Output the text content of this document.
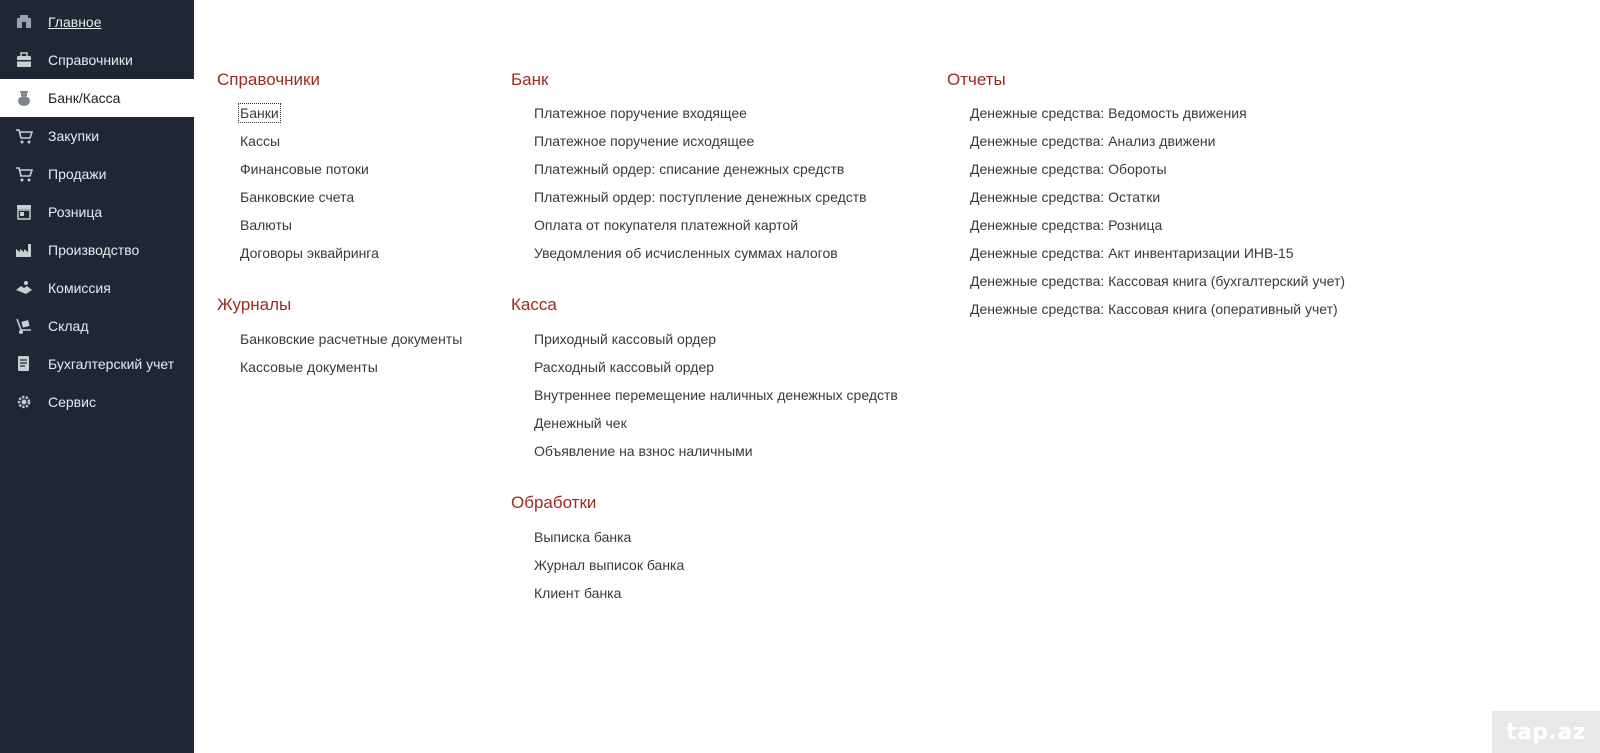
Главное
Справочники
Банк/Касса
Закупки
Продажи
Розница
Производство
Комиссия
Склад
Бухгалтерский учет
Сервис
Справочники
Банки
Кассы
Финансовые потоки
Банковские счета
Валюты
Договоры эквайринга
Журналы
Банковские расчетные документы
Кассовые документы
Банк
Платежное поручение входящее
Платежное поручение исходящее
Платежный ордер: списание денежных средств
Платежный ордер: поступление денежных средств
Оплата от покупателя платежной картой
Уведомления об исчисленных суммах налогов
Касса
Приходный кассовый ордер
Расходный кассовый ордер
Внутреннее перемещение наличных денежных средств
Денежный чек
Объявление на взнос наличными
Обработки
Выписка банка
Журнал выписок банка
Клиент банка
Отчеты
Денежные средства: Ведомость движения
Денежные средства: Анализ движени
Денежные средства: Обороты
Денежные средства: Остатки
Денежные средства: Розница
Денежные средства: Акт инвентаризации ИНВ-15
Денежные средства: Кассовая книга (бухгалтерский учет)
Денежные средства: Кассовая книга (оперативный учет)
tap.az
